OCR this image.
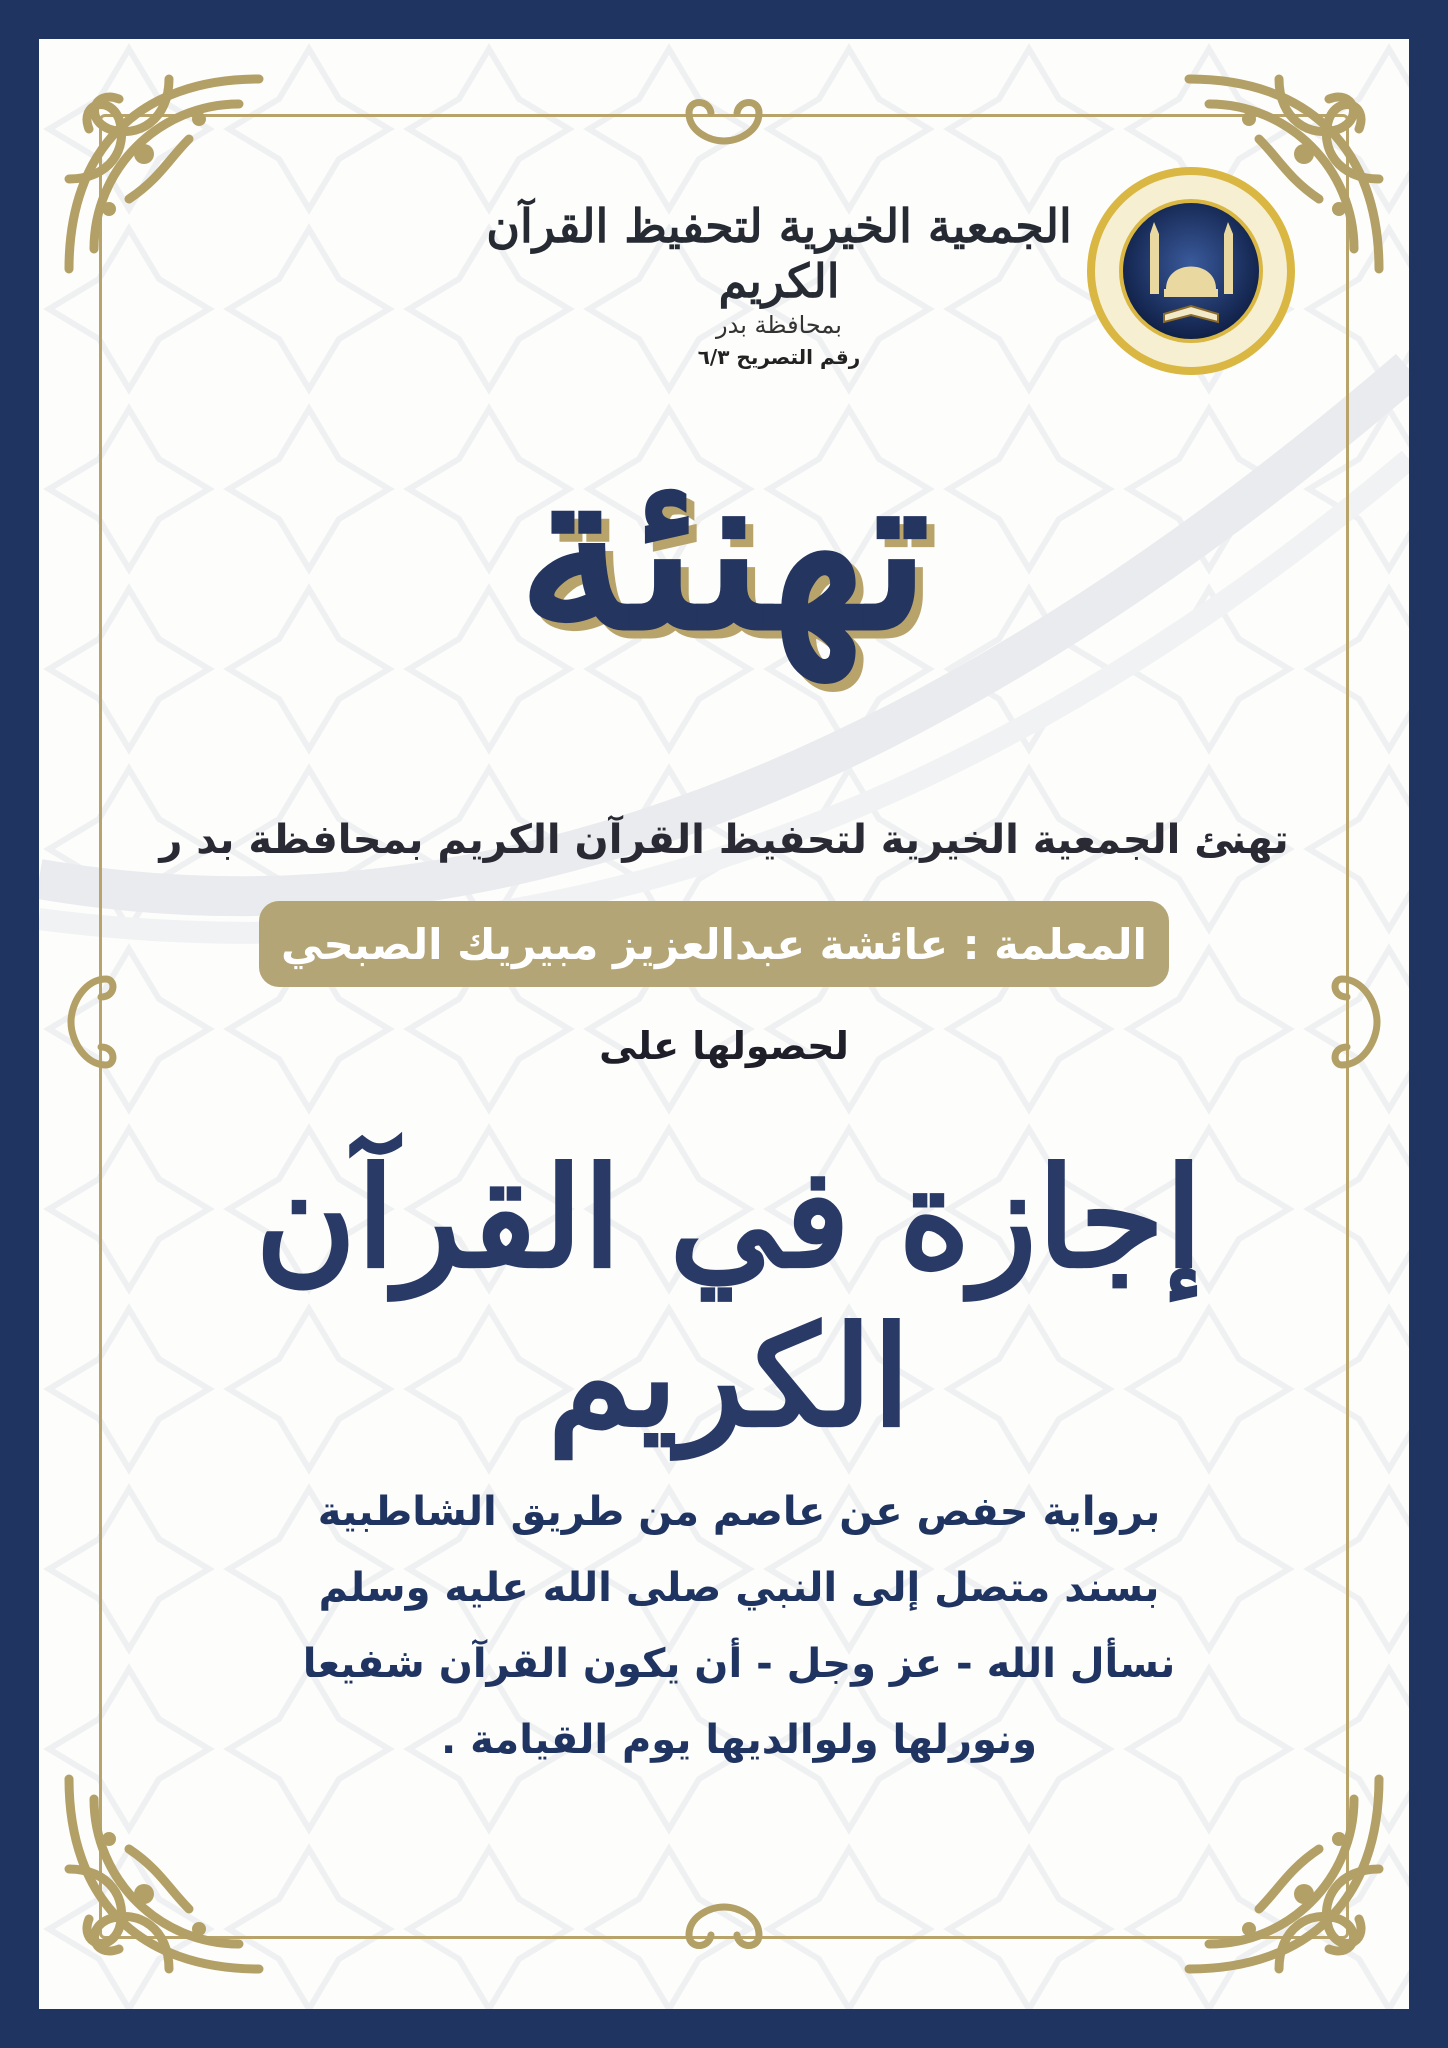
الجمعية الخيرية لتحفيظ القرآن الكريم
بمحافظة بدر
رقم التصريح ٦/٣
تهنئة
تهنئ الجمعية الخيرية لتحفيظ القرآن الكريم بمحافظة بد ر
المعلمة : عائشة عبدالعزيز مبيريك الصبحي
لحصولها على
إجازة في القرآن الكريم
برواية حفص عن عاصم من طريق الشاطبية
بسند متصل إلى النبي صلى الله عليه وسلم
نسأل الله - عز وجل - أن يكون القرآن شفيعا
ونورلها ولوالديها يوم القيامة .
